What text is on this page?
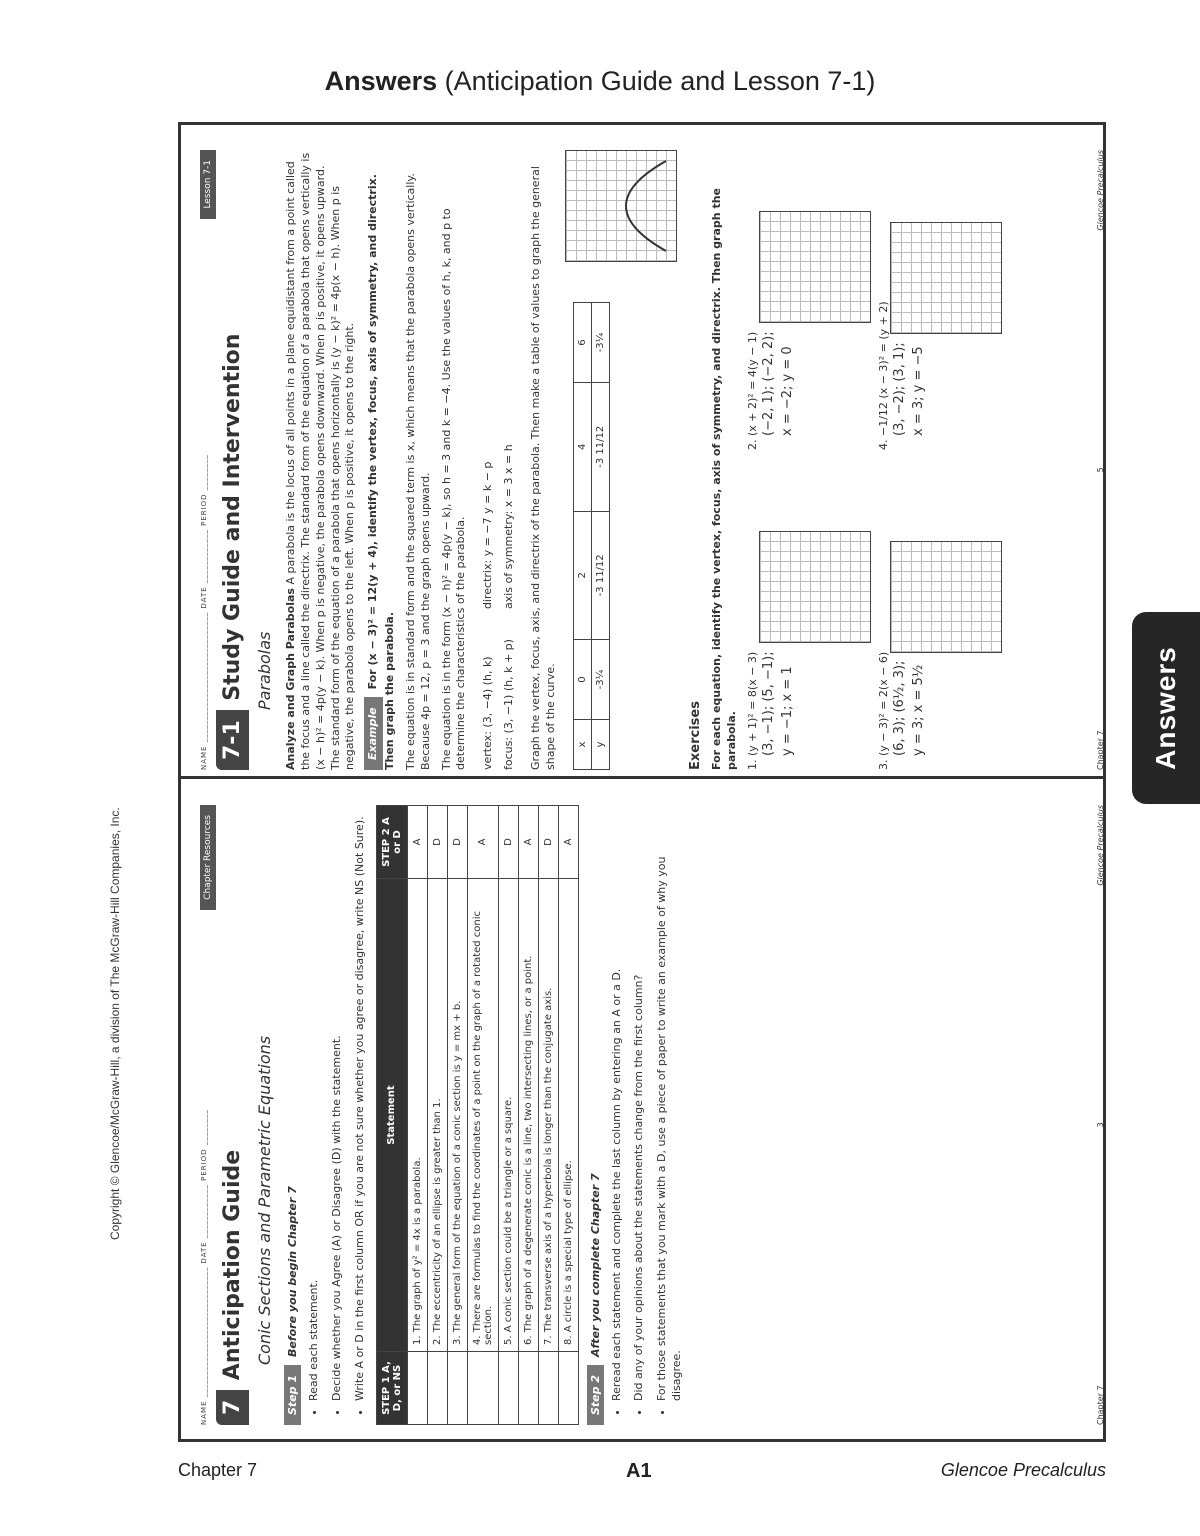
Answers (Anticipation Guide and Lesson 7-1)
Copyright © Glencoe/McGraw-Hill, a division of The McGraw-Hill Companies, Inc.
Answers
NAME _____________________________ DATE ____________ PERIOD ________ 7-1 Study Guide and Intervention Parabolas Analyze and Graph Parabolas A parabola is the locus of all points in a plane equidistant from a point called the focus and a line called the directrix. The standard form of the equation of a parabola that opens vertically is (x − h)² = 4p(y − k). When p is negative, the parabola opens downward. When p is positive, it opens upward. The standard form of the equation of a parabola that opens horizontally is (y − k)² = 4p(x − h). When p is negative, the parabola opens to the left. When p is positive, it opens to the right. ExampleFor (x − 3)² = 12(y + 4), identify the vertex, focus, axis of symmetry, and directrix. Then graph the parabola. The equation is in standard form and the squared term is x, which means that the parabola opens vertically. Because 4p = 12, p = 3 and the graph opens upward. The equation is in the form (x − h)² = 4p(y − k), so h = 3 and k = −4. Use the values of h, k, and p to determine the characteristics of the parabola. vertex: (3, −4) (h, k) focus: (3, −1) (h, k + p)
directrix: y = −7 y = k − p axis of symmetry: x = 3 x = h Graph the vertex, focus, axis, and directrix of the parabola. Then make a table of values to graph the general shape of the curve. x	0	2	4	6
y	-3¼	-3 11/12	-3 11/12	-3¼
Exercises For each equation, identify the vertex, focus, axis of symmetry, and directrix. Then graph the parabola. 1. (y + 1)² = 8(x − 3) (3, −1); (5, −1); y = −1; x = 1
2. (x + 2)² = 4(y − 1) (−2, 1); (−2, 2); x = −2; y = 0
3. (y − 3)² = 2(x − 6) (6, 3); (6½, 3); y = 3; x = 5½
4. −1/12 (x − 3)² = (y + 2) (3, −2); (3, 1); x = 3; y = −5
Lesson 7-1
Chapter 7
5
Glencoe Precalculus
NAME _____________________________ DATE ____________ PERIOD ________ 7 Anticipation Guide Conic Sections and Parametric Equations
Step 1Before you begin Chapter 7 • Read each statement. • Decide whether you Agree (A) or Disagree (D) with the statement. • Write A or D in the first column OR if you are not sure whether you agree or disagree, write NS (Not Sure). STEP 1 A, D, or NS	Statement	STEP 2 A or D
	1. The graph of y² = 4x is a parabola.	A
	2. The eccentricity of an ellipse is greater than 1.	D
	3. The general form of the equation of a conic section is y = mx + b.	D
	4. There are formulas to find the coordinates of a point on the graph of a rotated conic section.	A
	5. A conic section could be a triangle or a square.	D
	6. The graph of a degenerate conic is a line, two intersecting lines, or a point.	A
	7. The transverse axis of a hyperbola is longer than the conjugate axis.	D
	8. A circle is a special type of ellipse.	A
Step 2After you complete Chapter 7 • Reread each statement and complete the last column by entering an A or a D. • Did any of your opinions about the statements change from the first column? • For those statements that you mark with a D, use a piece of paper to write an example of why you disagree.
Chapter Resources
Chapter 7
3
Glencoe Precalculus
Chapter 7	A1	Glencoe Precalculus
